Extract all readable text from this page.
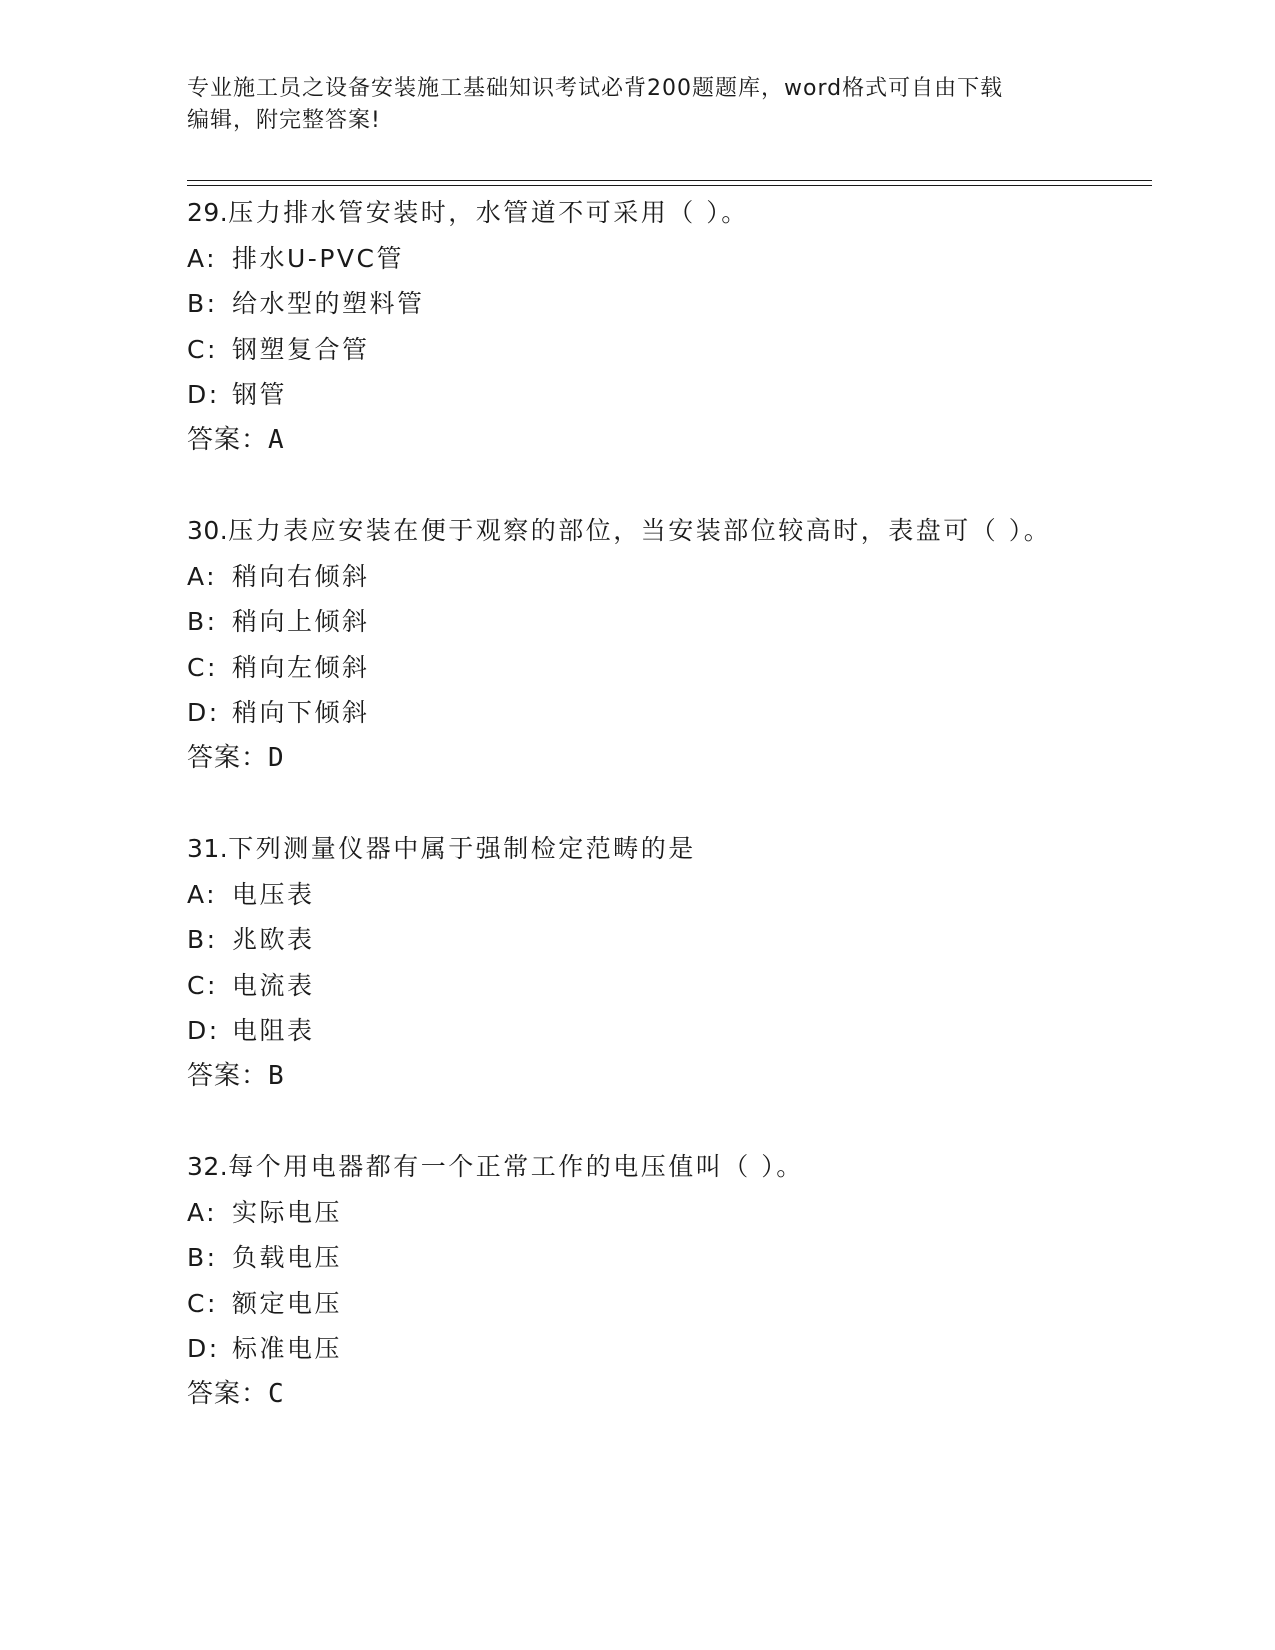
专业施工员之设备安装施工基础知识考试必背200题题库，word格式可自由下载
编辑，附完整答案!
29.压力排水管安装时，水管道不可采用（ ）。
A: 排水U-PVC管
B: 给水型的塑料管
C: 钢塑复合管
D: 钢管
答案：A
30.压力表应安装在便于观察的部位，当安装部位较高时，表盘可（ ）。
A: 稍向右倾斜
B: 稍向上倾斜
C: 稍向左倾斜
D: 稍向下倾斜
答案：D
31.下列测量仪器中属于强制检定范畴的是
A: 电压表
B: 兆欧表
C: 电流表
D: 电阻表
答案：B
32.每个用电器都有一个正常工作的电压值叫（ ）。
A: 实际电压
B: 负载电压
C: 额定电压
D: 标准电压
答案：C
